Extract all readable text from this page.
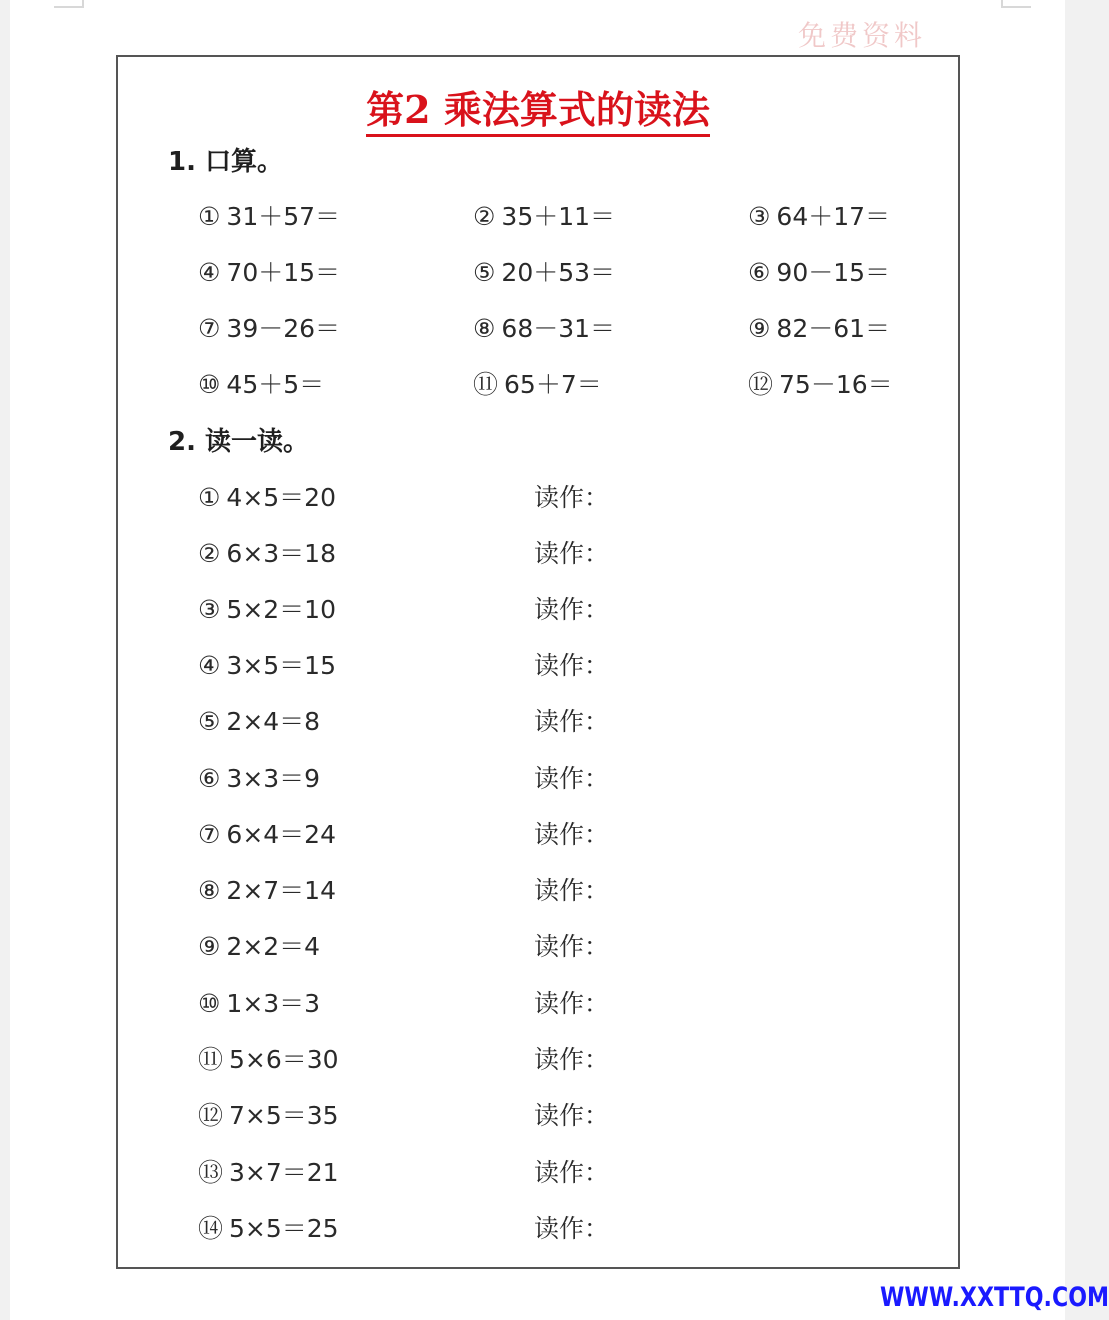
免费资料
第2 乘法算式的读法
1. 口算。
① 31＋57＝	② 35＋11＝	③ 64＋17＝
④ 70＋15＝	⑤ 20＋53＝	⑥ 90－15＝
⑦ 39－26＝	⑧ 68－31＝	⑨ 82－61＝
⑩ 45＋5＝	⑪ 65＋7＝	⑫ 75－16＝
2. 读一读。
① 4×5＝20	读作：
② 6×3＝18	读作：
③ 5×2＝10	读作：
④ 3×5＝15	读作：
⑤ 2×4＝8	读作：
⑥ 3×3＝9	读作：
⑦ 6×4＝24	读作：
⑧ 2×7＝14	读作：
⑨ 2×2＝4	读作：
⑩ 1×3＝3	读作：
⑪ 5×6＝30	读作：
⑫ 7×5＝35	读作：
⑬ 3×7＝21	读作：
⑭ 5×5＝25	读作：
WWW.XXTTQ.COM
